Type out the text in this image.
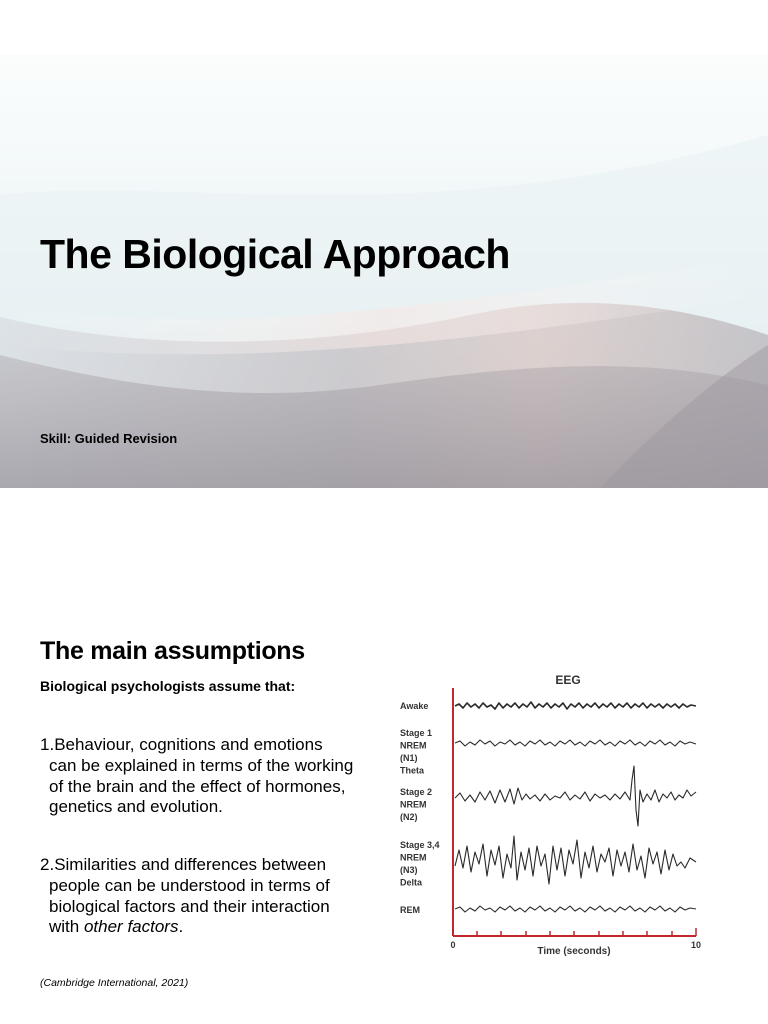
The Biological Approach

Skill: Guided Revision

The main assumptions

Biological psychologists assume that:

1.Behaviour, cognitions and emotions can be explained in terms of the working of the brain and the effect of hormones, genetics and evolution.

2.Similarities and differences between people can be understood in terms of biological factors and their interaction with other factors.

(Cambridge International, 2021)

EEG
Awake
Stage 1 NREM (N1) Theta
Stage 2 NREM (N2)
Stage 3,4 NREM (N3) Delta
REM
0	10
Time (seconds)
